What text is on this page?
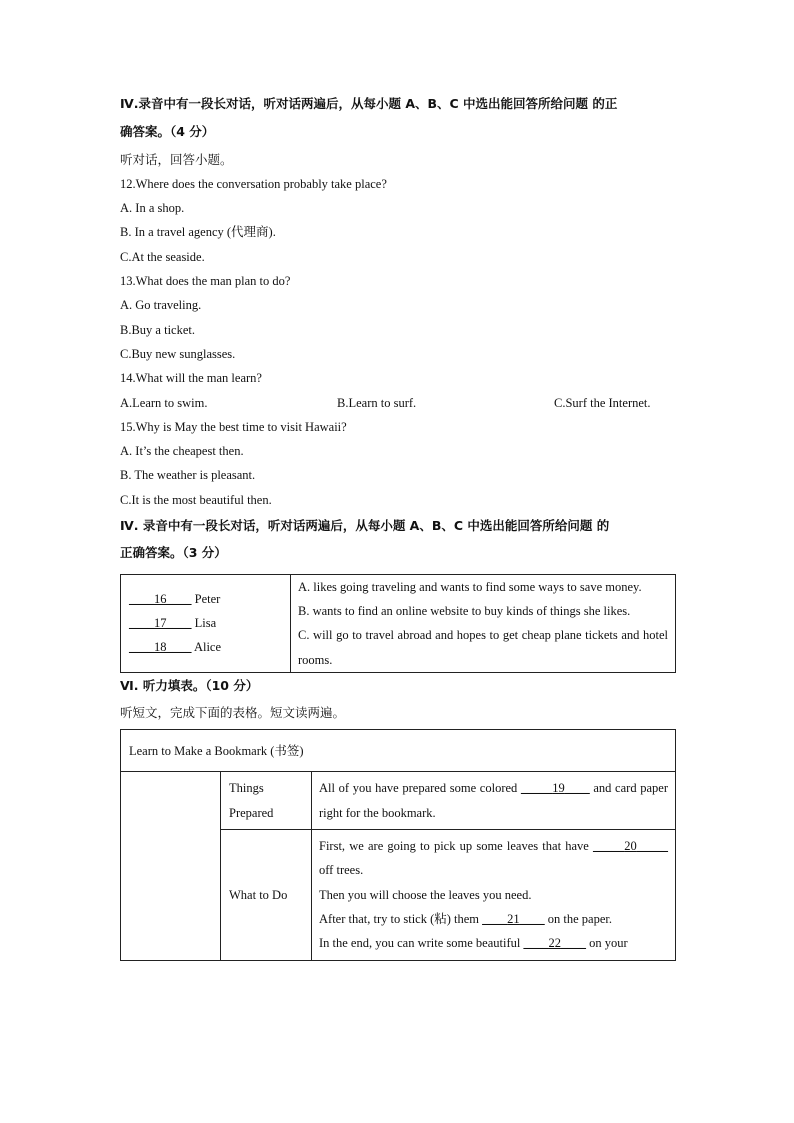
Ⅳ.录音中有一段长对话，听对话两遍后，从每小题 A、B、C 中选出能回答所给问题 的正
确答案。（4 分）
听对话，回答小题。
12.Where does the conversation probably take place?
A. In a shop.
B. In a travel agency (代理商).
C.At the seaside.
13.What does the man plan to do?
A. Go traveling.
B.Buy a ticket.
C.Buy new sunglasses.
14.What will the man learn?
A.Learn to swim.	B.Learn to surf.	C.Surf the Internet.
15.Why is May the best time to visit Hawaii?
A. It’s the cheapest then.
B. The weather is pleasant.
C.It is the most beautiful then.
Ⅳ. 录音中有一段长对话，听对话两遍后，从每小题 A、B、C 中选出能回答所给问题 的
正确答案。（3 分）
____16____ Peter
____17____ Lisa
____18____ Alice

A. likes going traveling and wants to find some ways to save money.
B. wants to find an online website to buy kinds of things she likes.
C. will go to travel abroad and hopes to get cheap plane tickets and hotel rooms.
Ⅵ. 听力填表。（10 分）
听短文，完成下面的表格。短文读两遍。
Learn to Make a Bookmark (书签)		

	Things
Prepared	All of you have prepared some colored _____19____ and card paper right for the bookmark.
	What to Do	First, we are going to pick up some leaves that have _____20_____ off trees.
Then you will choose the leaves you need.
After that, try to stick (粘) them ____21____ on the paper.
In the end, you can write some beautiful ____22____ on your
